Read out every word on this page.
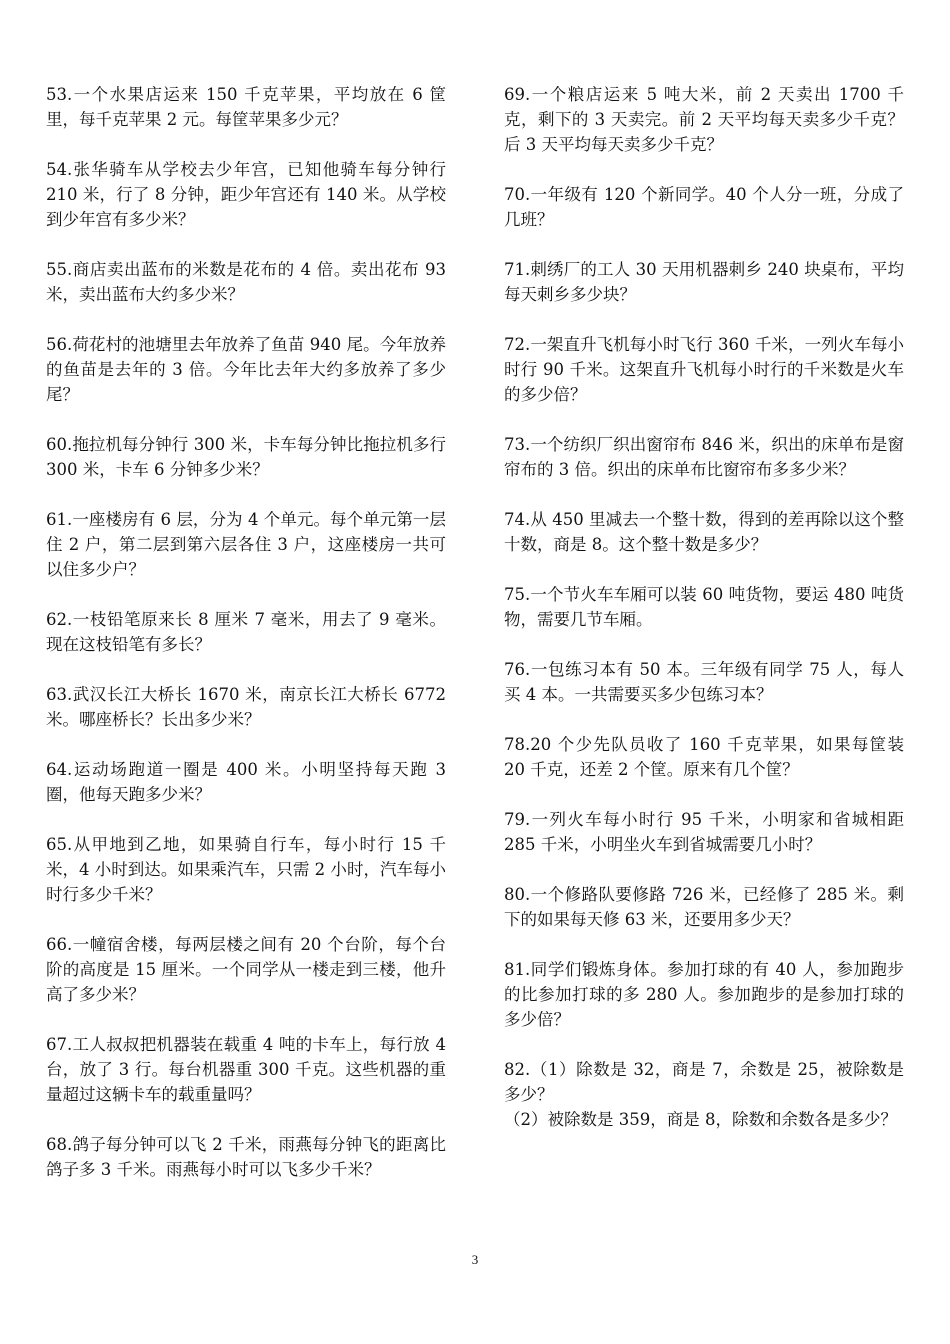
53.一个水果店运来 150 千克苹果，平均放在 6 筐里，每千克苹果 2 元。每筐苹果多少元？
54.张华骑车从学校去少年宫，已知他骑车每分钟行 210 米，行了 8 分钟，距少年宫还有 140 米。从学校到少年宫有多少米？
55.商店卖出蓝布的米数是花布的 4 倍。卖出花布 93 米，卖出蓝布大约多少米？
56.荷花村的池塘里去年放养了鱼苗 940 尾。今年放养的鱼苗是去年的 3 倍。今年比去年大约多放养了多少尾？
60.拖拉机每分钟行 300 米，卡车每分钟比拖拉机多行 300 米，卡车 6 分钟多少米？
61.一座楼房有 6 层，分为 4 个单元。每个单元第一层住 2 户，第二层到第六层各住 3 户，这座楼房一共可以住多少户？
62.一枝铅笔原来长 8 厘米 7 毫米，用去了 9 毫米。现在这枝铅笔有多长？
63.武汉长江大桥长 1670 米，南京长江大桥长 6772 米。哪座桥长？长出多少米？
64.运动场跑道一圈是 400 米。小明坚持每天跑 3 圈，他每天跑多少米？
65.从甲地到乙地，如果骑自行车，每小时行 15 千米，4 小时到达。如果乘汽车，只需 2 小时，汽车每小时行多少千米？
66.一幢宿舍楼，每两层楼之间有 20 个台阶，每个台阶的高度是 15 厘米。一个同学从一楼走到三楼，他升高了多少米？
67.工人叔叔把机器装在载重 4 吨的卡车上，每行放 4 台，放了 3 行。每台机器重 300 千克。这些机器的重量超过这辆卡车的载重量吗？
68.鸽子每分钟可以飞 2 千米，雨燕每分钟飞的距离比鸽子多 3 千米。雨燕每小时可以飞多少千米？
69.一个粮店运来 5 吨大米，前 2 天卖出 1700 千克，剩下的 3 天卖完。前 2 天平均每天卖多少千克？后 3 天平均每天卖多少千克？
70.一年级有 120 个新同学。40 个人分一班，分成了几班？
71.刺绣厂的工人 30 天用机器刺乡 240 块桌布，平均每天刺乡多少块？
72.一架直升飞机每小时飞行 360 千米，一列火车每小时行 90 千米。这架直升飞机每小时行的千米数是火车的多少倍？
73.一个纺织厂织出窗帘布 846 米，织出的床单布是窗帘布的 3 倍。织出的床单布比窗帘布多多少米？
74.从 450 里减去一个整十数，得到的差再除以这个整十数，商是 8。这个整十数是多少？
75.一个节火车车厢可以装 60 吨货物，要运 480 吨货物，需要几节车厢。
76.一包练习本有 50 本。三年级有同学 75 人，每人买 4 本。一共需要买多少包练习本？
78.20 个少先队员收了 160 千克苹果，如果每筐装 20 千克，还差 2 个筐。原来有几个筐？
79.一列火车每小时行 95 千米，小明家和省城相距 285 千米，小明坐火车到省城需要几小时？
80.一个修路队要修路 726 米，已经修了 285 米。剩下的如果每天修 63 米，还要用多少天？
81.同学们锻炼身体。参加打球的有 40 人，参加跑步的比参加打球的多 280 人。参加跑步的是参加打球的多少倍？
82.（1）除数是 32，商是 7，余数是 25，被除数是多少？
（2）被除数是 359，商是 8，除数和余数各是多少？
3
